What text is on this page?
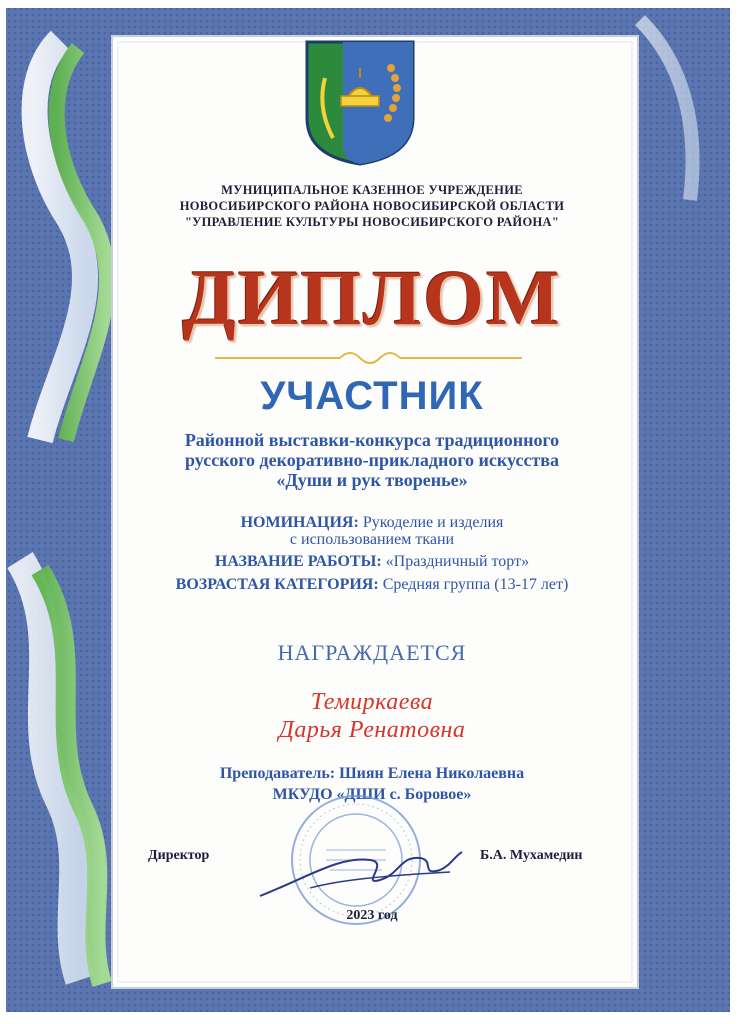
МУНИЦИПАЛЬНОЕ КАЗЕННОЕ УЧРЕЖДЕНИЕ
НОВОСИБИРСКОГО РАЙОНА НОВОСИБИРСКОЙ ОБЛАСТИ
"УПРАВЛЕНИЕ КУЛЬТУРЫ НОВОСИБИРСКОГО РАЙОНА"
ДИПЛОМ
УЧАСТНИК
Районной выставки-конкурса традиционного
русского декоративно-прикладного искусства
«Души и рук творенье»
НОМИНАЦИЯ: Рукоделие и изделия
с использованием ткани
НАЗВАНИЕ РАБОТЫ: «Праздничный торт»
ВОЗРАСТАЯ КАТЕГОРИЯ: Средняя группа (13-17 лет)
НАГРАЖДАЕТСЯ
Темиркаева
Дарья Ренатовна
Преподаватель: Шиян Елена Николаевна
МКУДО «ДШИ с. Боровое»
Директор	Б.А. Мухамедин
2023 год
